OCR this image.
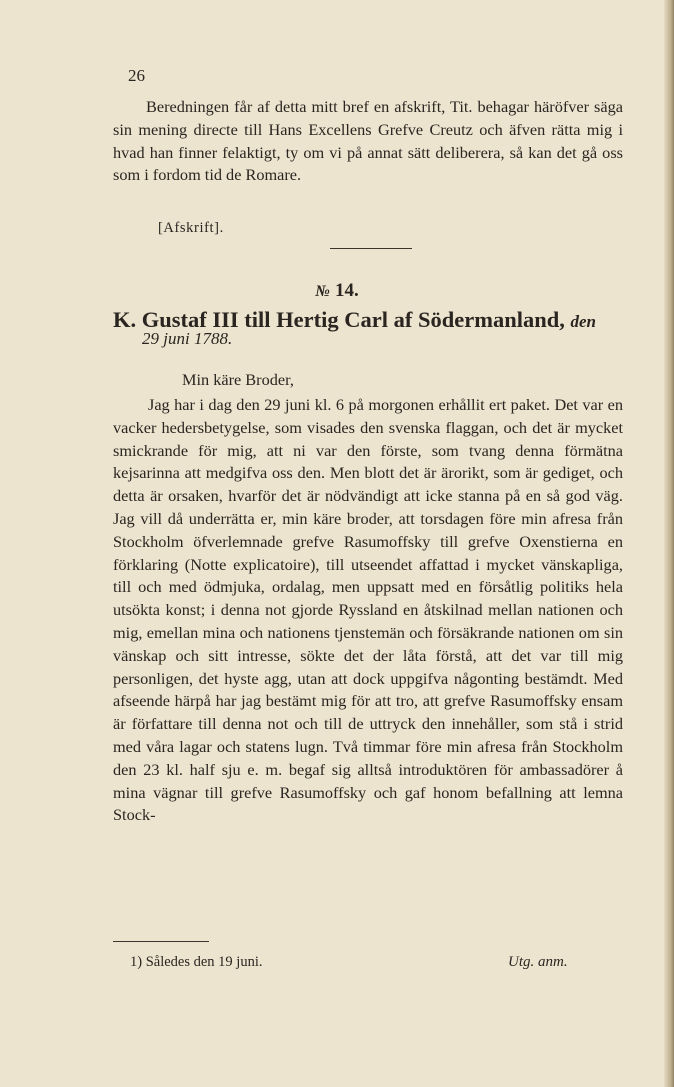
26
Beredningen får af detta mitt bref en afskrift, Tit. behagar häröfver säga sin mening directe till Hans Excellens Grefve Creutz och äfven rätta mig i hvad han finner felaktigt, ty om vi på annat sätt deliberera, så kan det gå oss som i fordom tid de Romare.
[Afskrift].
№ 14.
K. Gustaf III till Hertig Carl af Södermanland, den
29 juni 1788.
Min käre Broder,
Jag har i dag den 29 juni kl. 6 på morgonen erhållit ert paket. Det var en vacker hedersbetygelse, som visades den svenska flaggan, och det är mycket smickrande för mig, att ni var den förste, som tvang denna förmätna kejsarinna att medgifva oss den. Men blott det är ärorikt, som är gediget, och detta är orsaken, hvarför det är nödvändigt att icke stanna på en så god väg. Jag vill då underrätta er, min käre broder, att torsdagen före min afresa från Stockholm öfverlemnade grefve Rasumoffsky till grefve Oxenstierna en förklaring (Notte explicatoire), till utseendet affattad i mycket vänskapliga, till och med ödmjuka, ordalag, men uppsatt med en försåtlig politiks hela utsökta konst; i denna not gjorde Ryssland en åtskilnad mellan nationen och mig, emellan mina och nationens tjenstemän och försäkrande nationen om sin vänskap och sitt intresse, sökte det der låta förstå, att det var till mig personligen, det hyste agg, utan att dock uppgifva någonting bestämdt. Med afseende härpå har jag bestämt mig för att tro, att grefve Rasumoffsky ensam är författare till denna not och till de uttryck den innehåller, som stå i strid med våra lagar och statens lugn. Två timmar före min afresa från Stockholm den 23 kl. half sju e. m. begaf sig alltså introduktören för ambassadörer å mina vägnar till grefve Rasumoffsky och gaf honom befallning att lemna Stock-
1) Således den 19 juni.	Utg. anm.
